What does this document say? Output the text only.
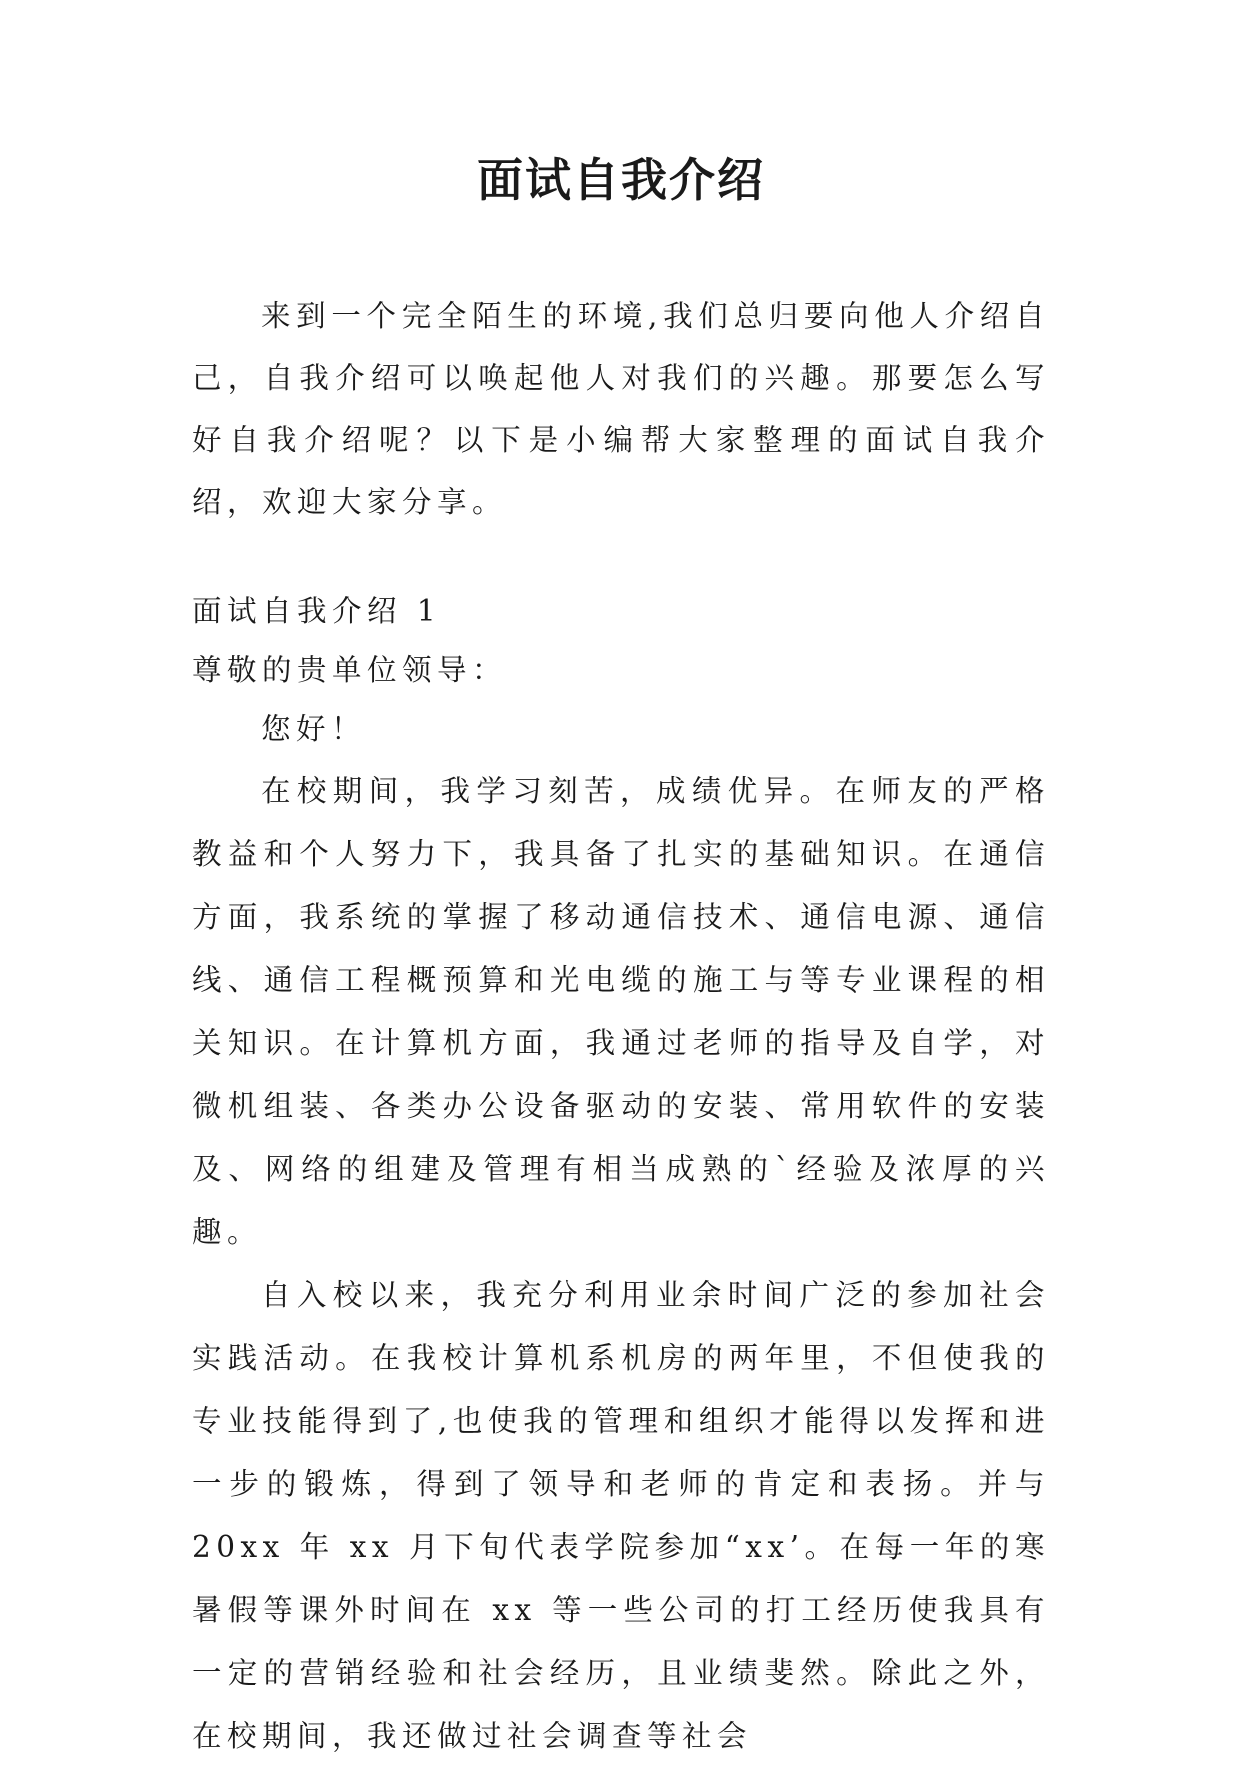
面试自我介绍

来到一个完全陌生的环境,我们总归要向他人介绍自己，自我介绍可以唤起他人对我们的兴趣。那要怎么写好自我介绍呢？以下是小编帮大家整理的面试自我介绍，欢迎大家分享。

面试自我介绍 1

尊敬的贵单位领导：

您好！

在校期间，我学习刻苦，成绩优异。在师友的严格教益和个人努力下，我具备了扎实的基础知识。在通信方面，我系统的掌握了移动通信技术、通信电源、通信线、通信工程概预算和光电缆的施工与等专业课程的相关知识。在计算机方面，我通过老师的指导及自学，对微机组装、各类办公设备驱动的安装、常用软件的安装及、网络的组建及管理有相当成熟的`经验及浓厚的兴趣。

自入校以来，我充分利用业余时间广泛的参加社会实践活动。在我校计算机系机房的两年里，不但使我的专业技能得到了,也使我的管理和组织才能得以发挥和进一步的锻炼，得到了领导和老师的肯定和表扬。并与 20xx 年 xx 月下旬代表学院参加“xx’。在每一年的寒暑假等课外时间在 xx 等一些公司的打工经历使我具有一定的营销经验和社会经历，且业绩斐然。除此之外，在校期间，我还做过社会调查等社会
